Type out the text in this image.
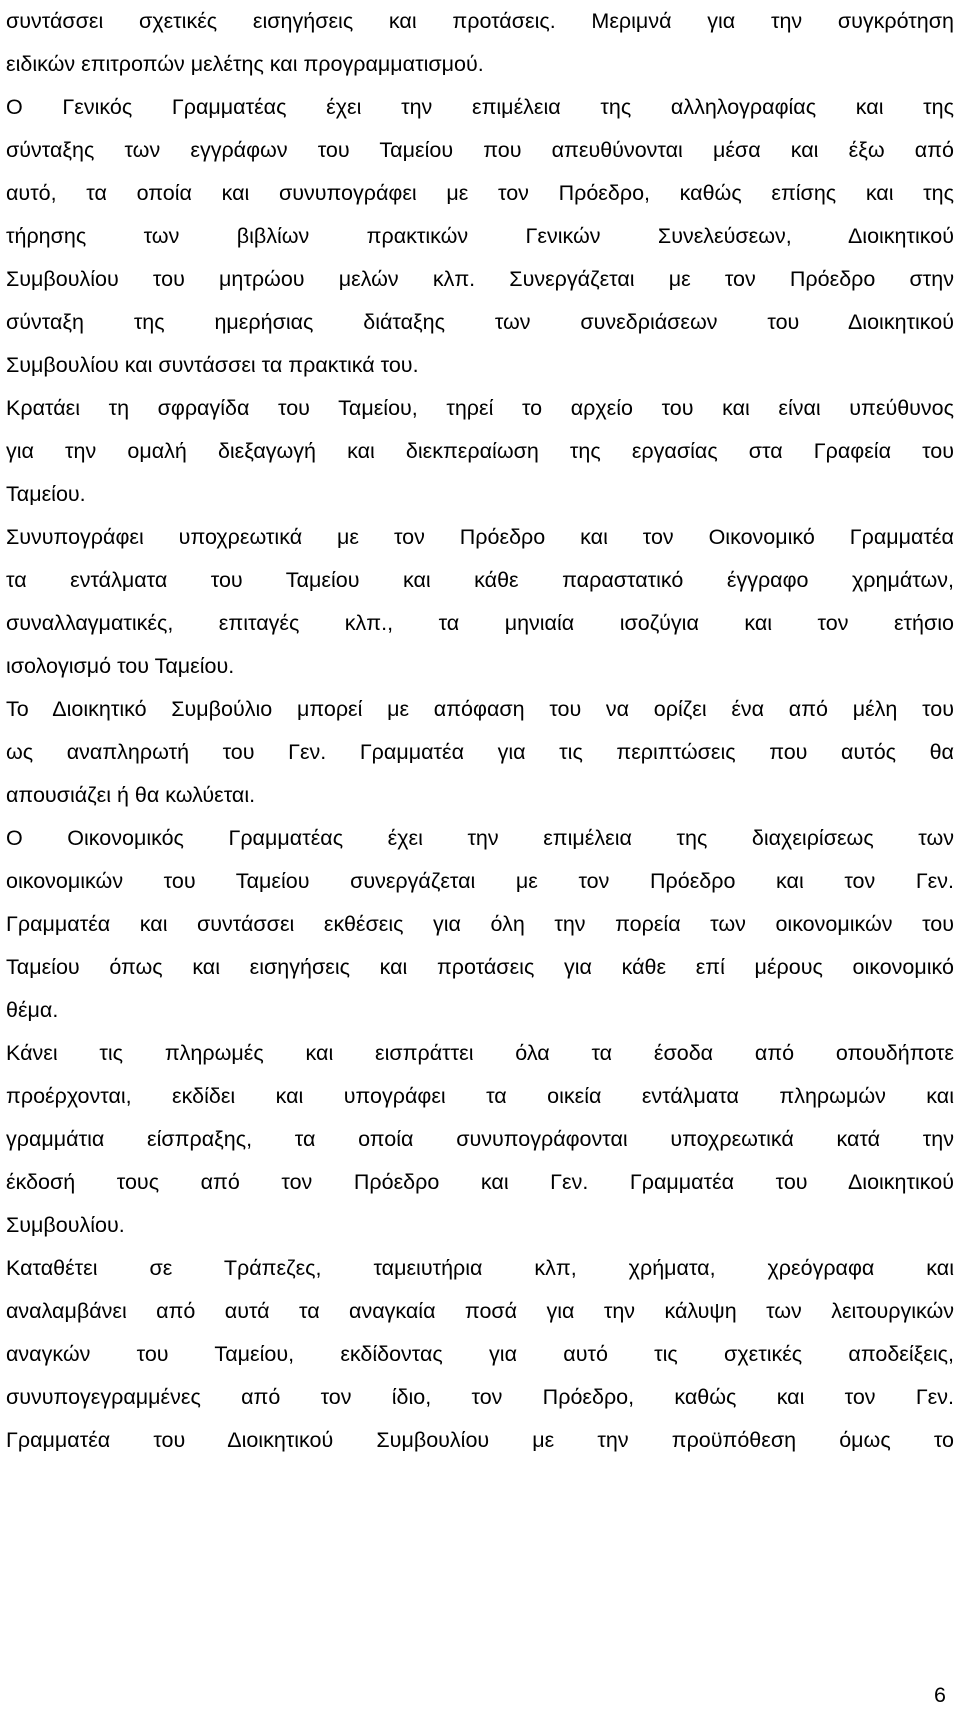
συντάσσει σχετικές εισηγήσεις και προτάσεις. Μεριμνά για την συγκρότηση
ειδικών επιτροπών μελέτης και προγραμματισμού.
Ο Γενικός Γραμματέας έχει την επιμέλεια της αλληλογραφίας και της
σύνταξης των εγγράφων του Ταμείου που απευθύνονται μέσα και έξω από
αυτό, τα οποία και συνυπογράφει με τον Πρόεδρο, καθώς επίσης και της
τήρησης των βιβλίων πρακτικών Γενικών Συνελεύσεων, Διοικητικού
Συμβουλίου του μητρώου μελών κλπ. Συνεργάζεται με τον Πρόεδρο στην
σύνταξη της ημερήσιας διάταξης των συνεδριάσεων του Διοικητικού
Συμβουλίου και συντάσσει τα πρακτικά του.
Κρατάει τη σφραγίδα του Ταμείου, τηρεί το αρχείο του και είναι υπεύθυνος
για την ομαλή διεξαγωγή και διεκπεραίωση της εργασίας στα Γραφεία του
Ταμείου.
Συνυπογράφει υποχρεωτικά με τον Πρόεδρο και τον Οικονομικό Γραμματέα
τα εντάλματα του Ταμείου και κάθε παραστατικό έγγραφο χρημάτων,
συναλλαγματικές, επιταγές κλπ., τα μηνιαία ισοζύγια και τον ετήσιο
ισολογισμό του Ταμείου.
Το Διοικητικό Συμβούλιο μπορεί με απόφαση του να ορίζει ένα από μέλη του
ως αναπληρωτή του Γεν. Γραμματέα για τις περιπτώσεις που αυτός θα
απουσιάζει ή θα κωλύεται.
Ο Οικονομικός Γραμματέας έχει την επιμέλεια της διαχειρίσεως των
οικονομικών του Ταμείου συνεργάζεται με τον Πρόεδρο και τον Γεν.
Γραμματέα και συντάσσει εκθέσεις για όλη την πορεία των οικονομικών του
Ταμείου όπως και εισηγήσεις και προτάσεις για κάθε επί μέρους οικονομικό
θέμα.
Κάνει τις πληρωμές και εισπράττει όλα τα έσοδα από οπουδήποτε
προέρχονται, εκδίδει και υπογράφει τα οικεία εντάλματα πληρωμών και
γραμμάτια είσπραξης, τα οποία συνυπογράφονται υποχρεωτικά κατά την
έκδοσή τους από τον Πρόεδρο και Γεν. Γραμματέα του Διοικητικού
Συμβουλίου.
Καταθέτει σε Τράπεζες, ταμειυτήρια κλπ, χρήματα, χρεόγραφα και
αναλαμβάνει από αυτά τα αναγκαία ποσά για την κάλυψη των λειτουργικών
αναγκών του Ταμείου, εκδίδοντας για αυτό τις σχετικές αποδείξεις,
συνυπογεγραμμένες από τον ίδιο, τον Πρόεδρο, καθώς και τον Γεν.
Γραμματέα του Διοικητικού Συμβουλίου με την προϋπόθεση όμως το
6
